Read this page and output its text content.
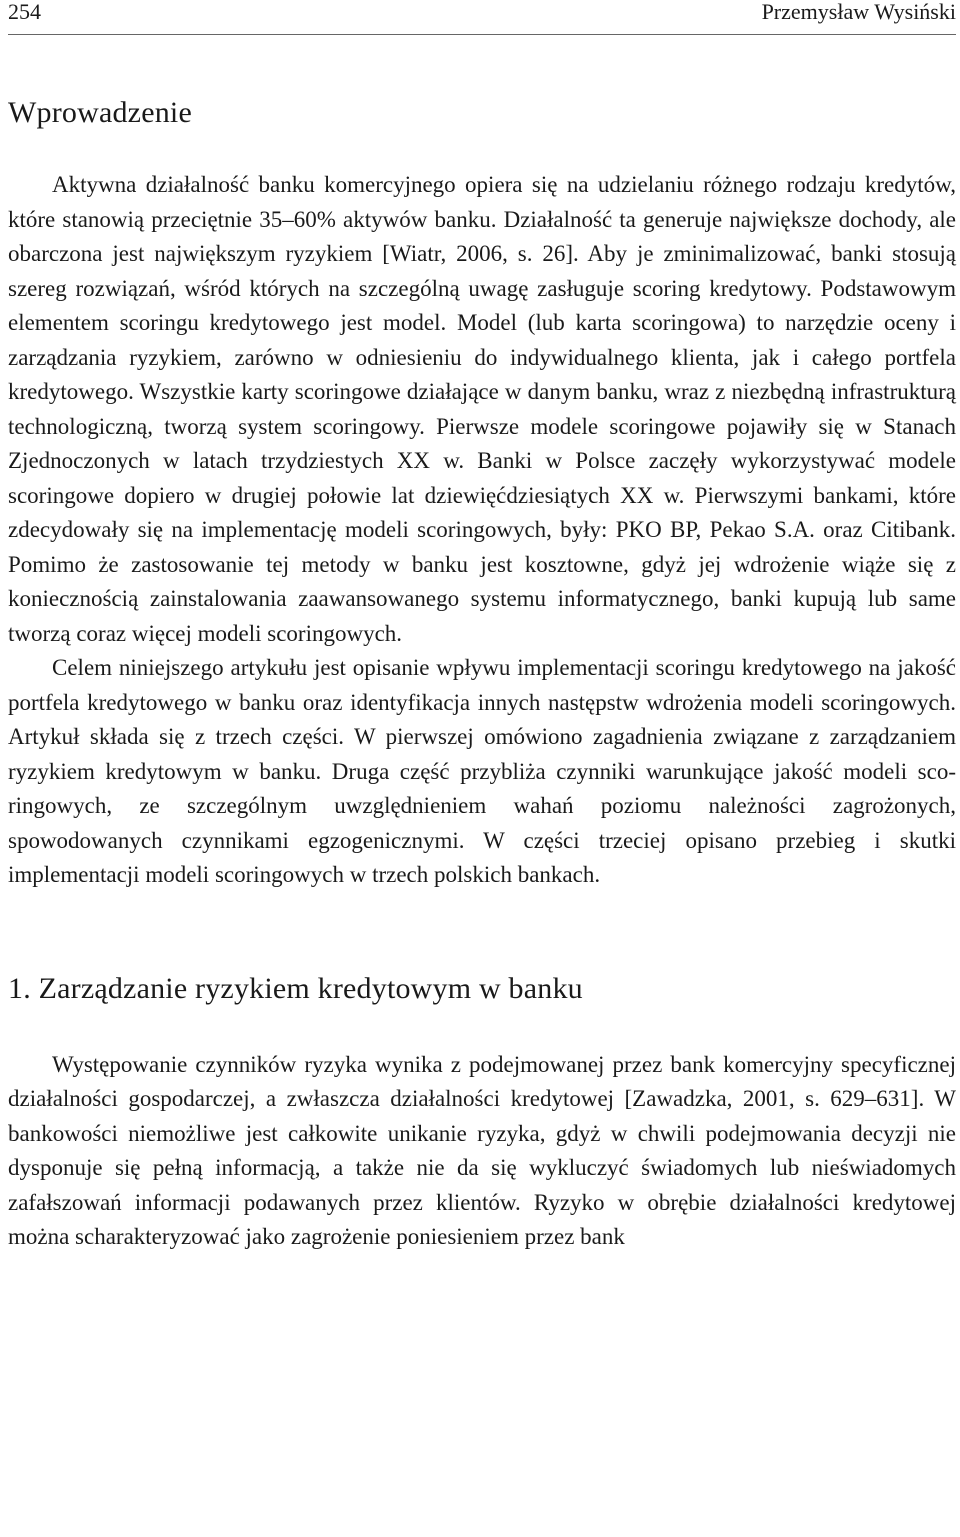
254	Przemysław Wysiński
Wprowadzenie

Aktywna działalność banku komercyjnego opiera się na udzielaniu różnego rodzaju kredytów, które stanowią przeciętnie 35–60% aktywów banku. Działalność ta generuje największe dochody, ale obarczona jest największym ryzykiem [Wiatr, 2006, s. 26]. Aby je zminimalizować, banki stosują szereg rozwiązań, wśród których na szczególną uwagę zasługuje scoring kredytowy. Podstawowym elementem scoringu kredytowego jest model. Model (lub karta scoringowa) to narzędzie oceny i zarządzania ryzykiem, zarówno w odniesieniu do indywidualnego klienta, jak i całego portfela kredytowego. Wszystkie karty scoringowe działające w danym banku, wraz z niezbędną infrastrukturą technologiczną, tworzą system scoringowy. Pierwsze modele scoringowe pojawiły się w Stanach Zjednoczonych w latach trzydziestych XX w. Banki w Polsce zaczęły wykorzystywać modele scoringowe dopiero w drugiej połowie lat dziewięćdziesiątych XX w. Pierwszymi bankami, które zdecydowały się na implementację modeli scoringowych, były: PKO BP, Pekao S.A. oraz Citibank. Pomimo że zastosowanie tej metody w banku jest kosztowne, gdyż jej wdrożenie wiąże się z koniecznością zainstalowania zaawansowanego systemu informatycznego, banki kupują lub same tworzą coraz więcej modeli scoringowych.

Celem niniejszego artykułu jest opisanie wpływu implementacji scoringu kredytowego na jakość portfela kredytowego w banku oraz identyfikacja innych następstw wdrożenia modeli scoringowych. Artykuł składa się z trzech części. W pierwszej omówiono zagadnienia związane z zarządzaniem ryzykiem kredytowym w banku. Druga część przybliża czynniki warunkujące jakość modeli scoringowych, ze szczególnym uwzględnieniem wahań poziomu należności zagrożonych, spowodowanych czynnikami egzogenicznymi. W części trzeciej opisano przebieg i skutki implementacji modeli scoringowych w trzech polskich bankach.

1. Zarządzanie ryzykiem kredytowym w banku

Występowanie czynników ryzyka wynika z podejmowanej przez bank komercyjny specyficznej działalności gospodarczej, a zwłaszcza działalności kredytowej [Zawadzka, 2001, s. 629–631]. W bankowości niemożliwe jest całkowite unikanie ryzyka, gdyż w chwili podejmowania decyzji nie dysponuje się pełną informacją, a także nie da się wykluczyć świadomych lub nieświadomych zafałszowań informacji podawanych przez klientów. Ryzyko w obrębie działalności kredytowej można scharakteryzować jako zagrożenie poniesieniem przez bank
